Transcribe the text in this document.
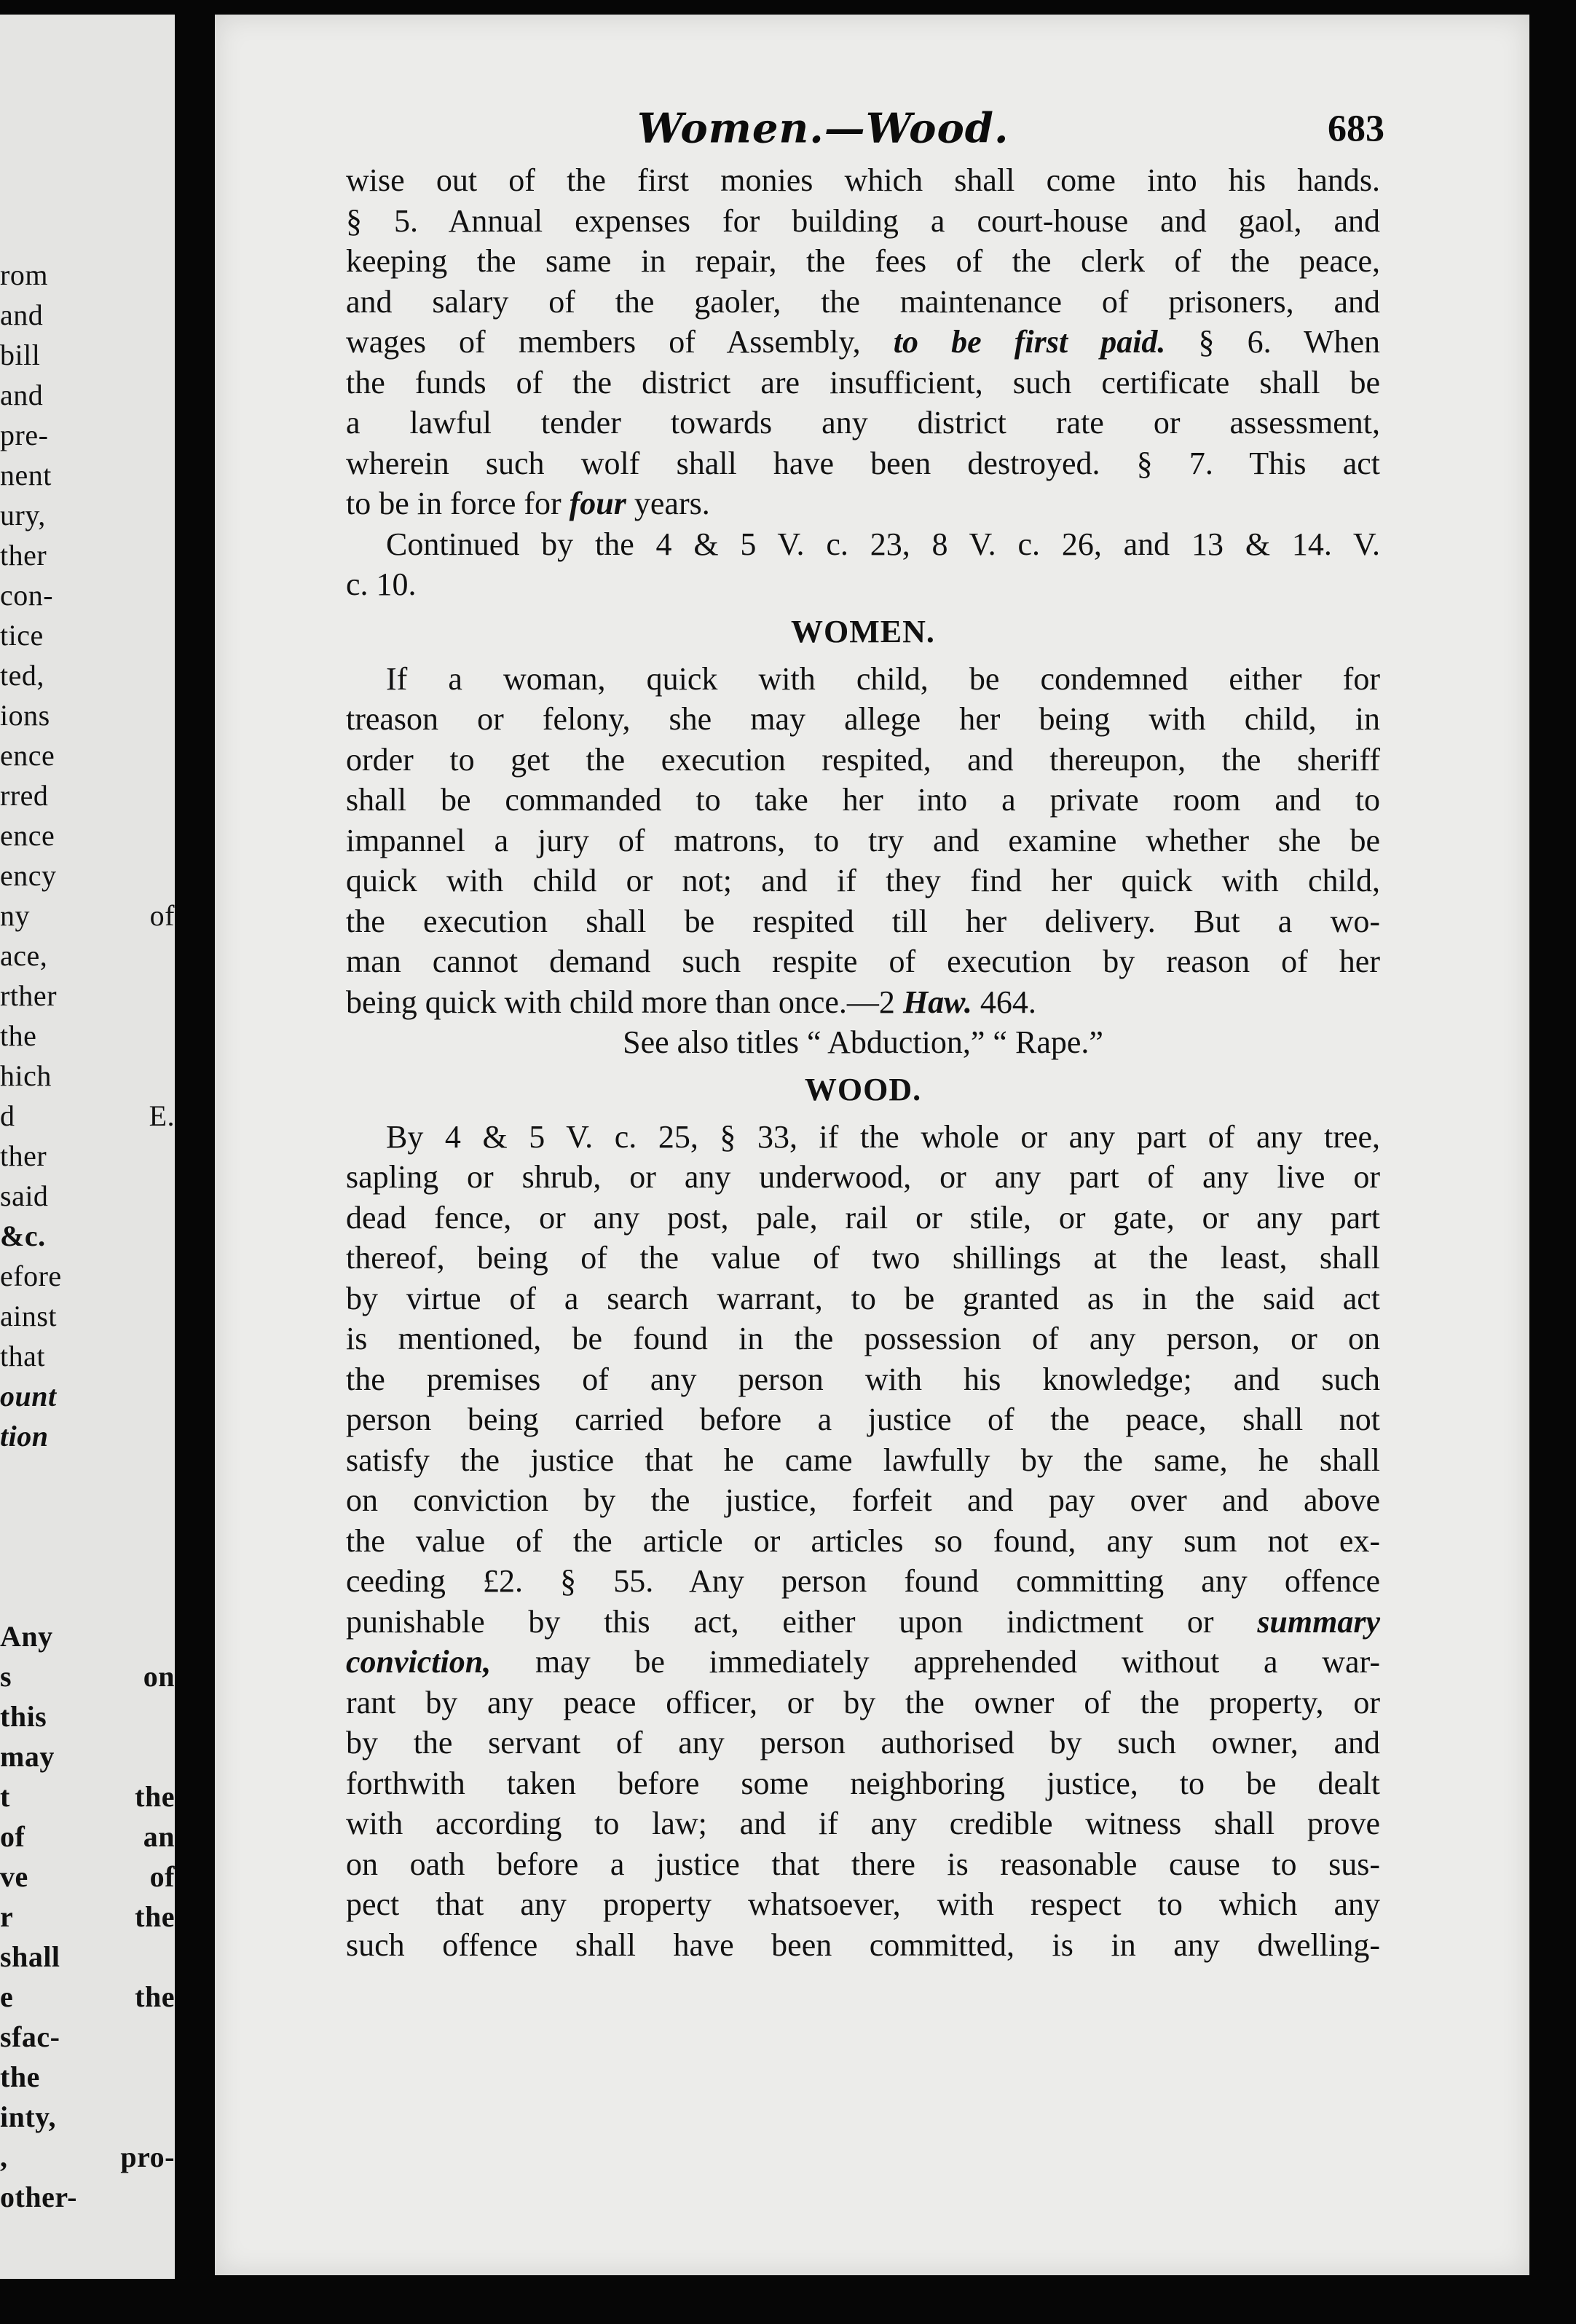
rom
and
bill
and
pre-
nent
ury,
ther
con-
tice
ted,
ions
ence
rred
ence
ency
ny of
ace,
rther
the
hich
d E.
ther
said
&c.
efore
ainst
that
ount
tion
Any
s on
this
may
t the
of an
ve of
r the
shall
e the
sfac-
the
inty,
, pro-
other-
Women.—Wood.	683
wise out of the first monies which shall come into his hands.
§ 5. Annual expenses for building a court-house and gaol, and
keeping the same in repair, the fees of the clerk of the peace,
and salary of the gaoler, the maintenance of prisoners, and
wages of members of Assembly, to be first paid. § 6. When
the funds of the district are insufficient, such certificate shall be
a lawful tender towards any district rate or assessment,
wherein such wolf shall have been destroyed. § 7. This act
to be in force for four years.
Continued by the 4 & 5 V. c. 23, 8 V. c. 26, and 13 & 14. V.
c. 10.
WOMEN.
If a woman, quick with child, be condemned either for
treason or felony, she may allege her being with child, in
order to get the execution respited, and thereupon, the sheriff
shall be commanded to take her into a private room and to
impannel a jury of matrons, to try and examine whether she be
quick with child or not; and if they find her quick with child,
the execution shall be respited till her delivery. But a wo-
man cannot demand such respite of execution by reason of her
being quick with child more than once.—2 Haw. 464.
See also titles “ Abduction,” “ Rape.”
WOOD.
By 4 & 5 V. c. 25, § 33, if the whole or any part of any tree,
sapling or shrub, or any underwood, or any part of any live or
dead fence, or any post, pale, rail or stile, or gate, or any part
thereof, being of the value of two shillings at the least, shall
by virtue of a search warrant, to be granted as in the said act
is mentioned, be found in the possession of any person, or on
the premises of any person with his knowledge; and such
person being carried before a justice of the peace, shall not
satisfy the justice that he came lawfully by the same, he shall
on conviction by the justice, forfeit and pay over and above
the value of the article or articles so found, any sum not ex-
ceeding £2. § 55. Any person found committing any offence
punishable by this act, either upon indictment or summary
conviction, may be immediately apprehended without a war-
rant by any peace officer, or by the owner of the property, or
by the servant of any person authorised by such owner, and
forthwith taken before some neighboring justice, to be dealt
with according to law; and if any credible witness shall prove
on oath before a justice that there is reasonable cause to sus-
pect that any property whatsoever, with respect to which any
such offence shall have been committed, is in any dwelling-
